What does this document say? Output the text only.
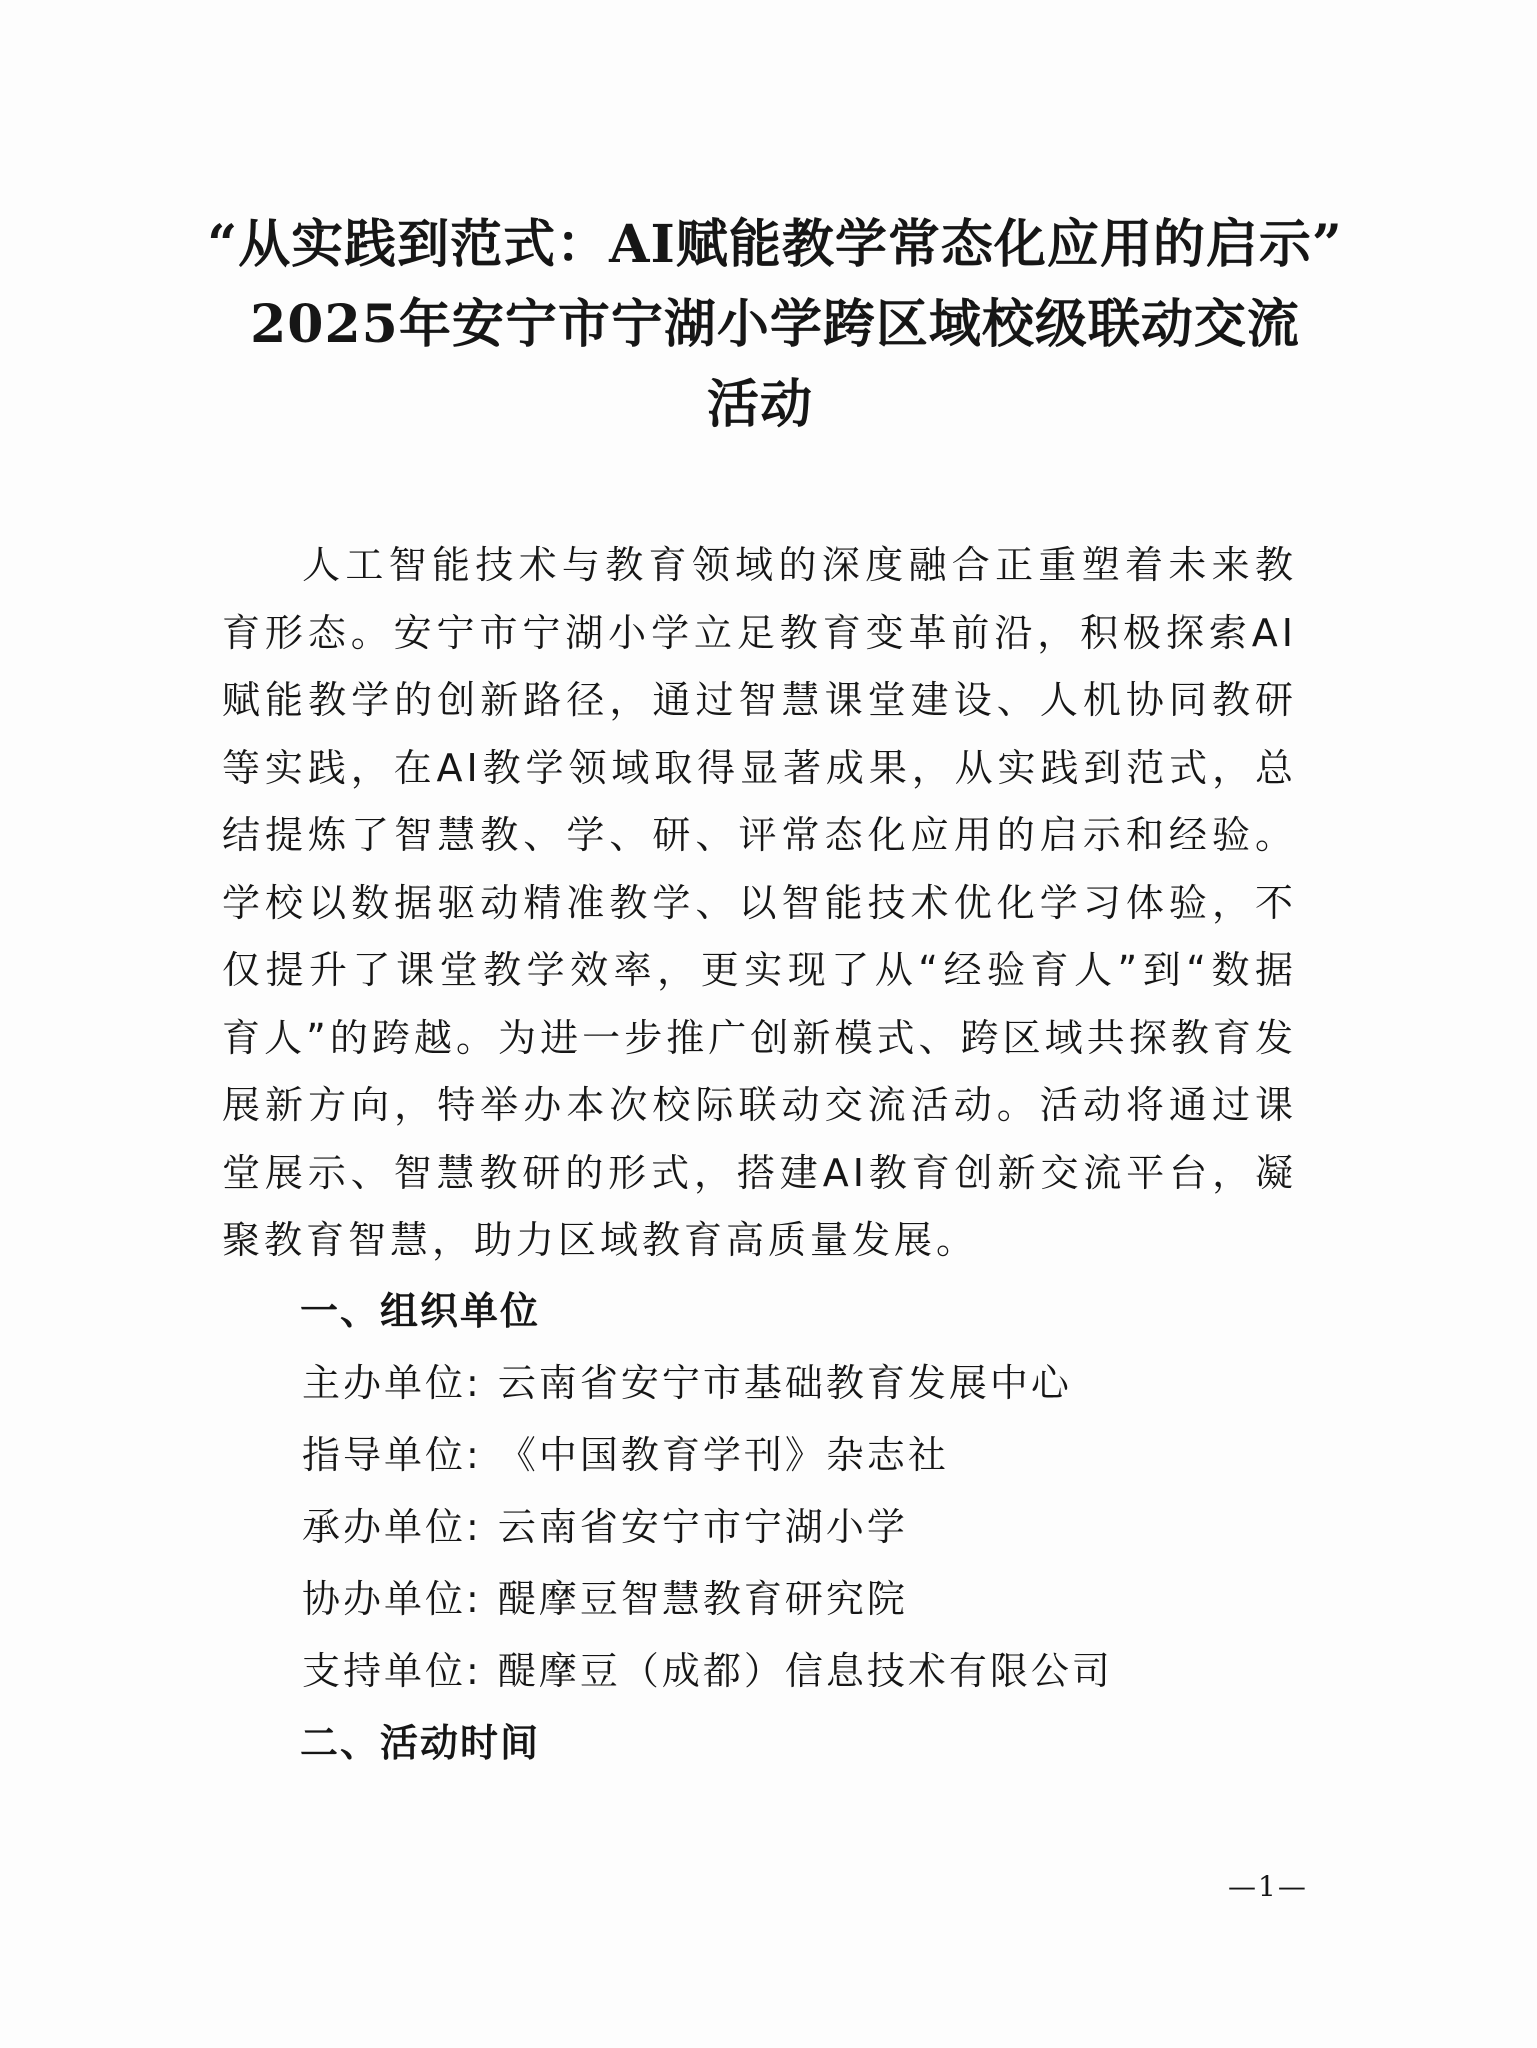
“从实践到范式：AI赋能教学常态化应用的启示”

2025年安宁市宁湖小学跨区域校级联动交流

活动

人工智能技术与教育领域的深度融合正重塑着未来教育形态。安宁市宁湖小学立足教育变革前沿，积极探索AI赋能教学的创新路径，通过智慧课堂建设、人机协同教研等实践，在AI教学领域取得显著成果，从实践到范式，总结提炼了智慧教、学、研、评常态化应用的启示和经验。学校以数据驱动精准教学、以智能技术优化学习体验，不仅提升了课堂教学效率，更实现了从“经验育人”到“数据育人”的跨越。为进一步推广创新模式、跨区域共探教育发展新方向，特举办本次校际联动交流活动。活动将通过课堂展示、智慧教研的形式，搭建AI教育创新交流平台，凝聚教育智慧，助力区域教育高质量发展。

一、组织单位

主办单位: 云南省安宁市基础教育发展中心
指导单位: 《中国教育学刊》杂志社
承办单位: 云南省安宁市宁湖小学
协办单位: 醍摩豆智慧教育研究院
支持单位: 醍摩豆（成都）信息技术有限公司

二、活动时间

—1—
